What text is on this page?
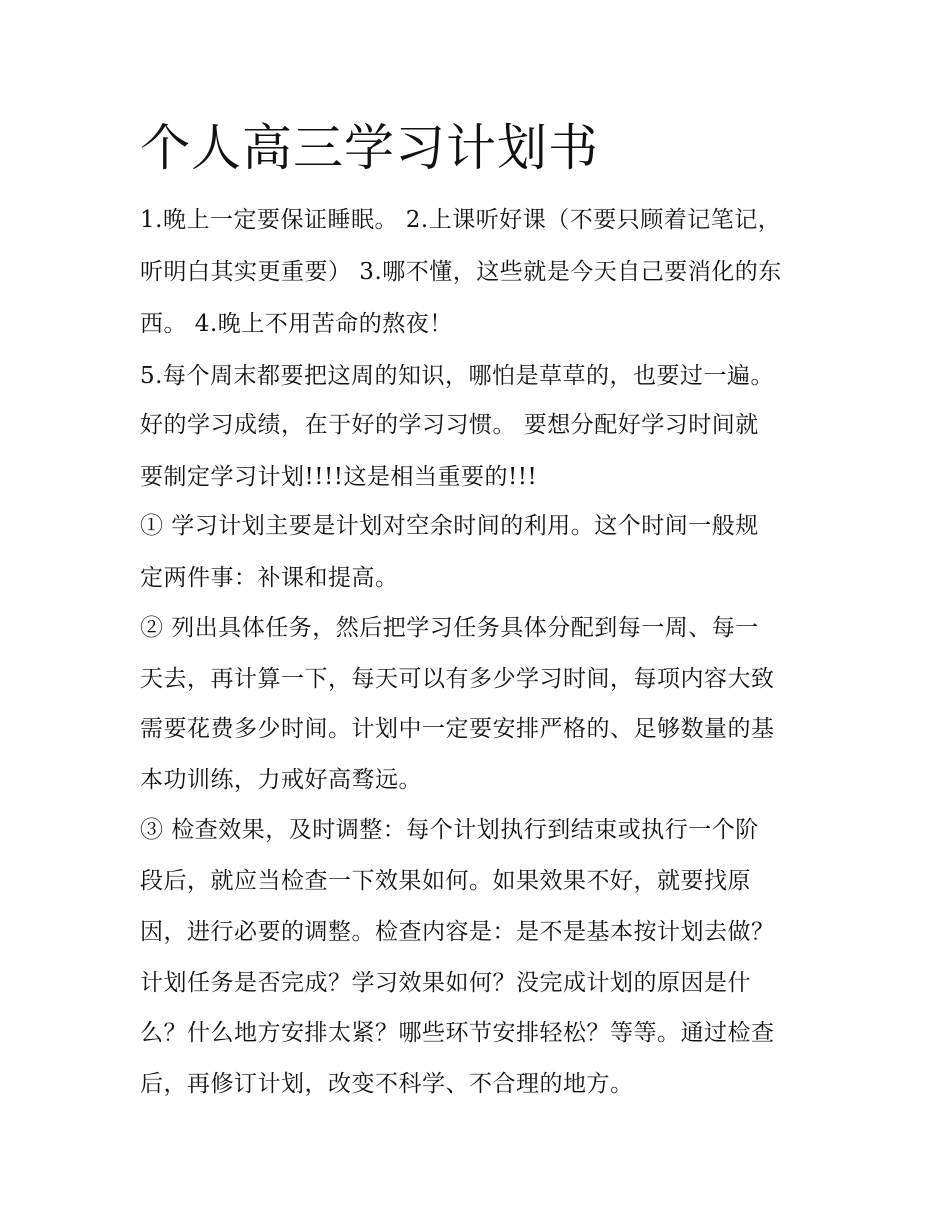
个人高三学习计划书

1.晚上一定要保证睡眠。 2.上课听好课（不要只顾着记笔记，

听明白其实更重要） 3.哪不懂，这些就是今天自己要消化的东

西。 4.晚上不用苦命的熬夜！

5.每个周末都要把这周的知识，哪怕是草草的，也要过一遍。

好的学习成绩，在于好的学习习惯。 要想分配好学习时间就

要制定学习计划!!!!这是相当重要的!!!

① 学习计划主要是计划对空余时间的利用。这个时间一般规

定两件事：补课和提高。

② 列出具体任务，然后把学习任务具体分配到每一周、每一

天去，再计算一下，每天可以有多少学习时间，每项内容大致

需要花费多少时间。计划中一定要安排严格的、足够数量的基

本功训练，力戒好高骛远。

③ 检查效果，及时调整：每个计划执行到结束或执行一个阶

段后，就应当检查一下效果如何。如果效果不好，就要找原

因，进行必要的调整。检查内容是：是不是基本按计划去做？

计划任务是否完成？学习效果如何？没完成计划的原因是什

么？什么地方安排太紧？哪些环节安排轻松？等等。通过检查

后，再修订计划，改变不科学、不合理的地方。
